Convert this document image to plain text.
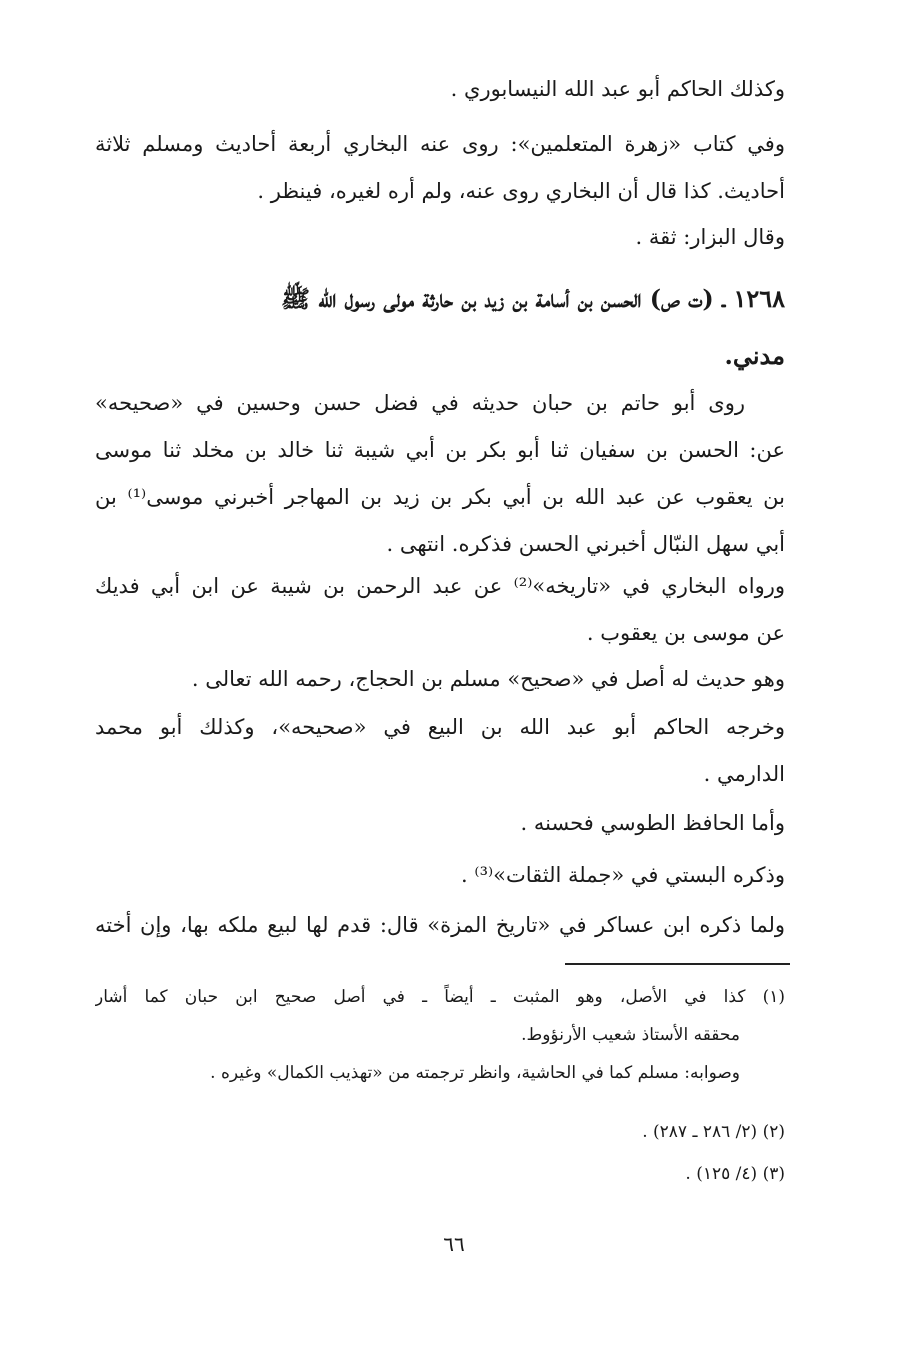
وكذلك الحاكم أبو عبد الله النيسابوري .
وفي كتاب «زهرة المتعلمين»: روى عنه البخاري أربعة أحاديث ومسلم ثلاثة
أحاديث. كذا قال أن البخاري روى عنه، ولم أره لغيره، فينظر .
وقال البزار: ثقة .
١٢٦٨ ـ (ت ص) الحسن بن أسامة بن زيد بن حارثة مولى رسول الله ﷺ
مدني.
روى أبو حاتم بن حبان حديثه في فضل حسن وحسين في «صحيحه»
عن: الحسن بن سفيان ثنا أبو بكر بن أبي شيبة ثنا خالد بن مخلد ثنا موسى
بن يعقوب عن عبد الله بن أبي بكر بن زيد بن المهاجر أخبرني موسى⁽¹⁾ بن
أبي سهل النبّال أخبرني الحسن فذكره. انتهى .
ورواه البخاري في «تاريخه»⁽²⁾ عن عبد الرحمن بن شيبة عن ابن أبي فديك
عن موسى بن يعقوب .
وهو حديث له أصل في «صحيح» مسلم بن الحجاج، رحمه الله تعالى .
وخرجه الحاكم أبو عبد الله بن البيع في «صحيحه»، وكذلك أبو محمد
الدارمي .
وأما الحافظ الطوسي فحسنه .
وذكره البستي في «جملة الثقات»⁽³⁾ .
ولما ذكره ابن عساكر في «تاريخ المزة» قال: قدم لها لبيع ملكه بها، وإن أخته
(١) كذا في الأصل، وهو المثبت ـ أيضاً ـ في أصل صحيح ابن حبان كما أشار
محققه الأستاذ شعيب الأرنؤوط.
وصوابه: مسلم كما في الحاشية، وانظر ترجمته من «تهذيب الكمال» وغيره .
(٢) (٢/ ٢٨٦ ـ ٢٨٧) .
(٣) (٤/ ١٢٥) .
٦٦
